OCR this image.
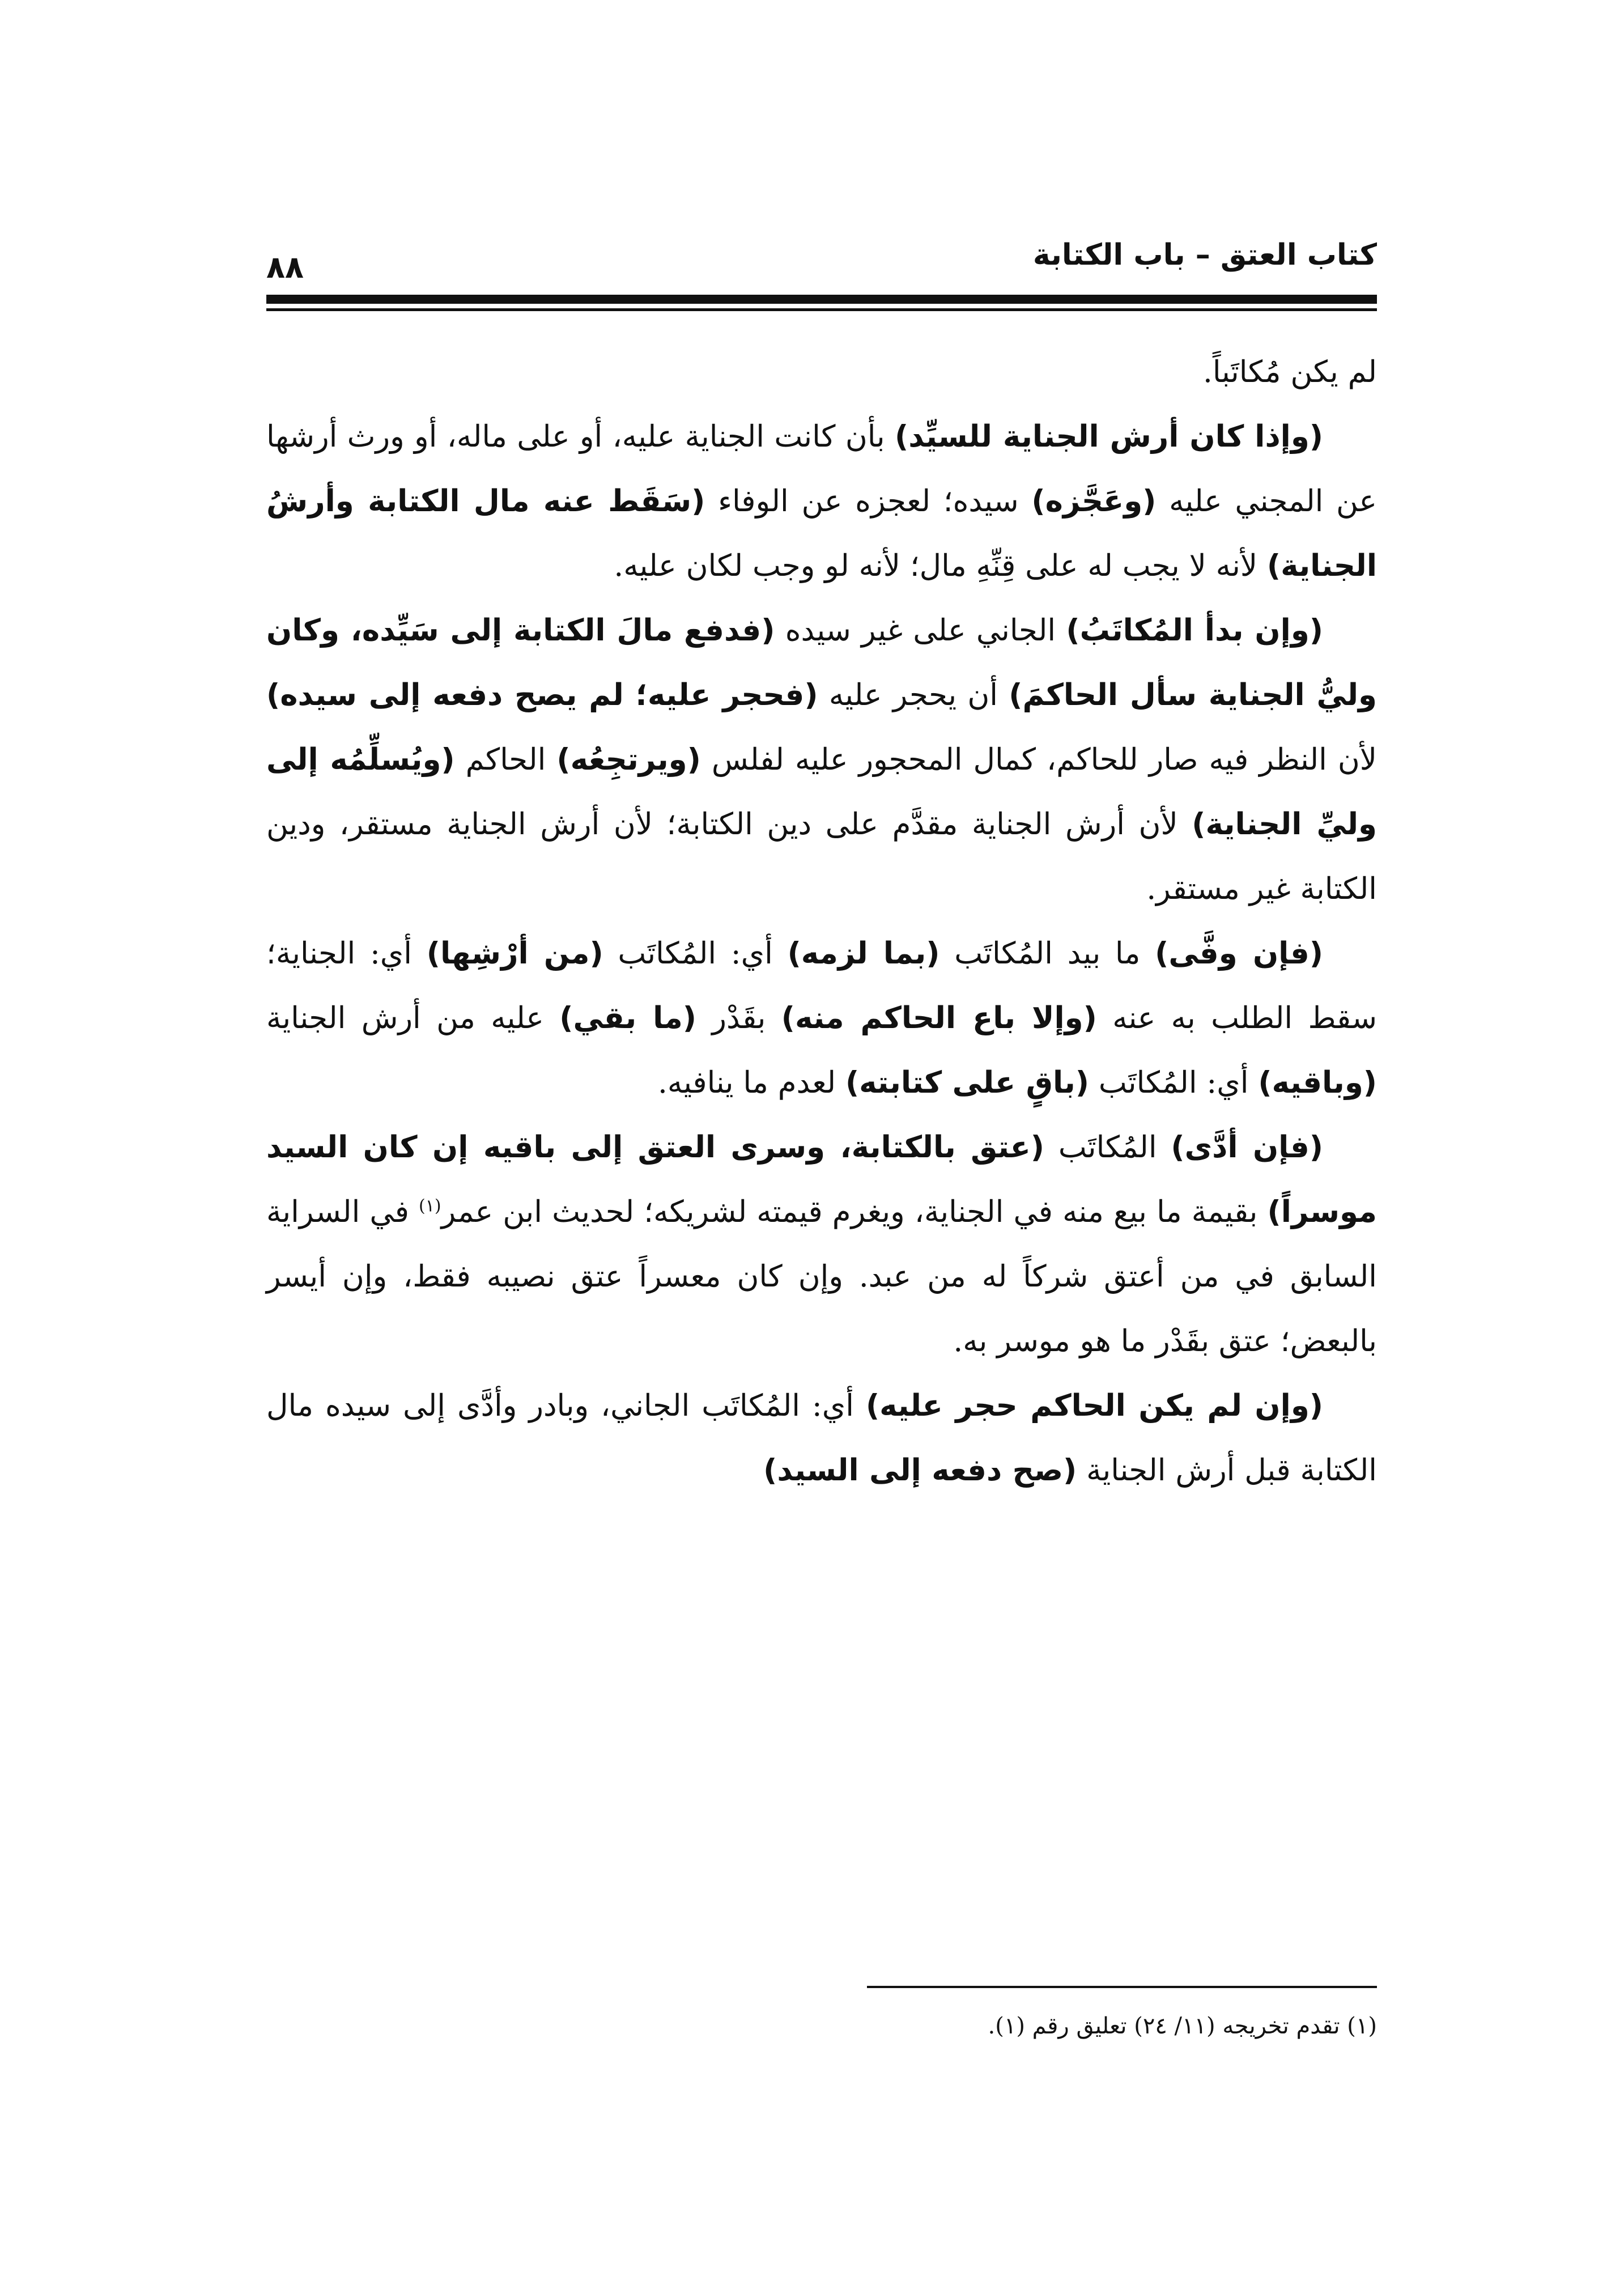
كتاب العتق – باب الكتابة
٨٨

لم يكن مُكاتَباً.

(وإذا كان أرش الجناية للسيِّد) بأن كانت الجناية عليه، أو على ماله، أو ورث أرشها عن المجني عليه (وعَجَّزه) سيده؛ لعجزه عن الوفاء (سَقَط عنه مال الكتابة وأرشُ الجناية) لأنه لا يجب له على قِنِّهِ مال؛ لأنه لو وجب لكان عليه.

(وإن بدأ المُكاتَبُ) الجاني على غير سيده (فدفع مالَ الكتابة إلى سَيِّده، وكان وليُّ الجناية سأل الحاكمَ) أن يحجر عليه (فحجر عليه؛ لم يصح دفعه إلى سيده) لأن النظر فيه صار للحاكم، كمال المحجور عليه لفلس (ويرتجِعُه) الحاكم (ويُسلِّمُه إلى وليِّ الجناية) لأن أرش الجناية مقدَّم على دين الكتابة؛ لأن أرش الجناية مستقر، ودين الكتابة غير مستقر.

(فإن وفَّى) ما بيد المُكاتَب (بما لزمه) أي: المُكاتَب (من أرْشِها) أي: الجناية؛ سقط الطلب به عنه (وإلا باع الحاكم منه) بقَدْر (ما بقي) عليه من أرش الجناية (وباقيه) أي: المُكاتَب (باقٍ على كتابته) لعدم ما ينافيه.

(فإن أدَّى) المُكاتَب (عتق بالكتابة، وسرى العتق إلى باقيه إن كان السيد موسراً) بقيمة ما بيع منه في الجناية، ويغرم قيمته لشريكه؛ لحديث ابن عمر$^{(١)}$ في السراية السابق في من أعتق شركاً له من عبد. وإن كان معسراً عتق نصيبه فقط، وإن أيسر بالبعض؛ عتق بقَدْر ما هو موسر به.

(وإن لم يكن الحاكم حجر عليه) أي: المُكاتَب الجاني، وبادر وأدَّى إلى سيده مال الكتابة قبل أرش الجناية (صح دفعه إلى السيد)

(١) تقدم تخريجه (١١/ ٢٤) تعليق رقم (١).
